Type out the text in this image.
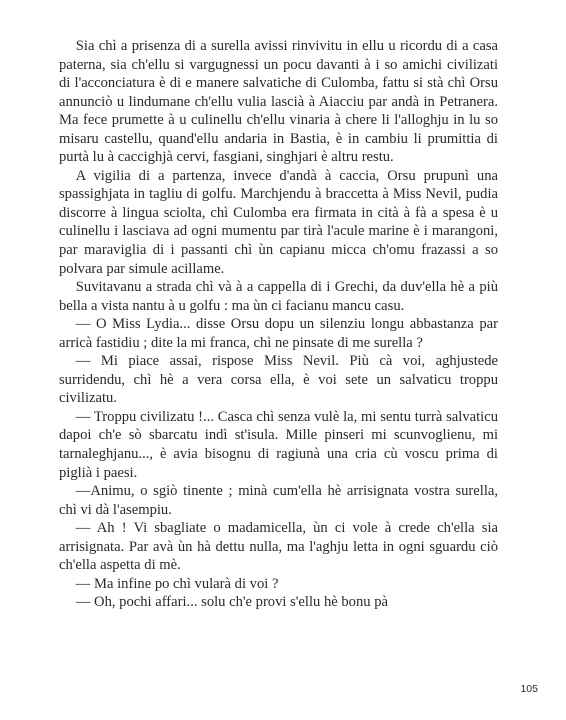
Sia chì a prisenza di a surella avissi rinvivitu in ellu u ricordu di a casa paterna, sia ch'ellu si vargugnessi un pocu davanti à i so amichi civilizati di l'acconciatura è di e manere salvatiche di Culomba, fattu si stà chì Orsu annunciò u lindumane ch'ellu vulia lascià à Aiacciu par andà in Petranera. Ma fece prumette à u culinellu ch'ellu vinaria à chere li l'alloghju in lu so misaru castellu, quand'ellu andaria in Bastia, è in cambiu li prumittia di purtà lu à caccighjà cervi, fasgiani, singhjari è altru restu.

A vigilia di a partenza, invece d'andà à caccia, Orsu prupunì una spassighjata in tagliu di golfu. Marchjendu à braccetta à Miss Nevil, pudia discorre à lingua sciolta, chì Culomba era firmata in cità à fà a spesa è u culinellu i lasciava ad ogni mumentu par tirà l'acule marine è i marangoni, par maraviglia di i passanti chì ùn capianu micca ch'omu frazassi a so polvara par simule acillame.

Suvitavanu a strada chì và à a cappella di i Grechi, da duv'ella hè a più bella a vista nantu à u golfu : ma ùn ci facianu mancu casu.

— O Miss Lydia... disse Orsu dopu un silenziu longu abbastanza par arricà fastidiu ; dite la mi franca, chì ne pinsate di me surella ?

— Mi piace assai, rispose Miss Nevil. Più cà voi, aghjustede surridendu, chì hè a vera corsa ella, è voi sete un salvaticu troppu civilizatu.

— Troppu civilizatu !... Casca chì senza vulè la, mi sentu turrà salvaticu dapoi ch'e sò sbarcatu indì st'isula. Mille pinseri mi scunvoglienu, mi tarnaleghjanu..., è avia bisognu di ragiunà una cria cù voscu prima di piglià i paesi.

—Animu, o sgiò tinente ; minà cum'ella hè arrisignata vostra surella, chì vi dà l'asempiu.

— Ah ! Vi sbagliate o madamicella, ùn ci vole à crede ch'ella sia arrisignata. Par avà ùn hà dettu nulla, ma l'aghju letta in ogni sguardu ciò ch'ella aspetta di mè.

— Ma infine po chì vularà di voi ?

— Oh, pochi affari... solu ch'e provi s'ellu hè bonu pà

105
